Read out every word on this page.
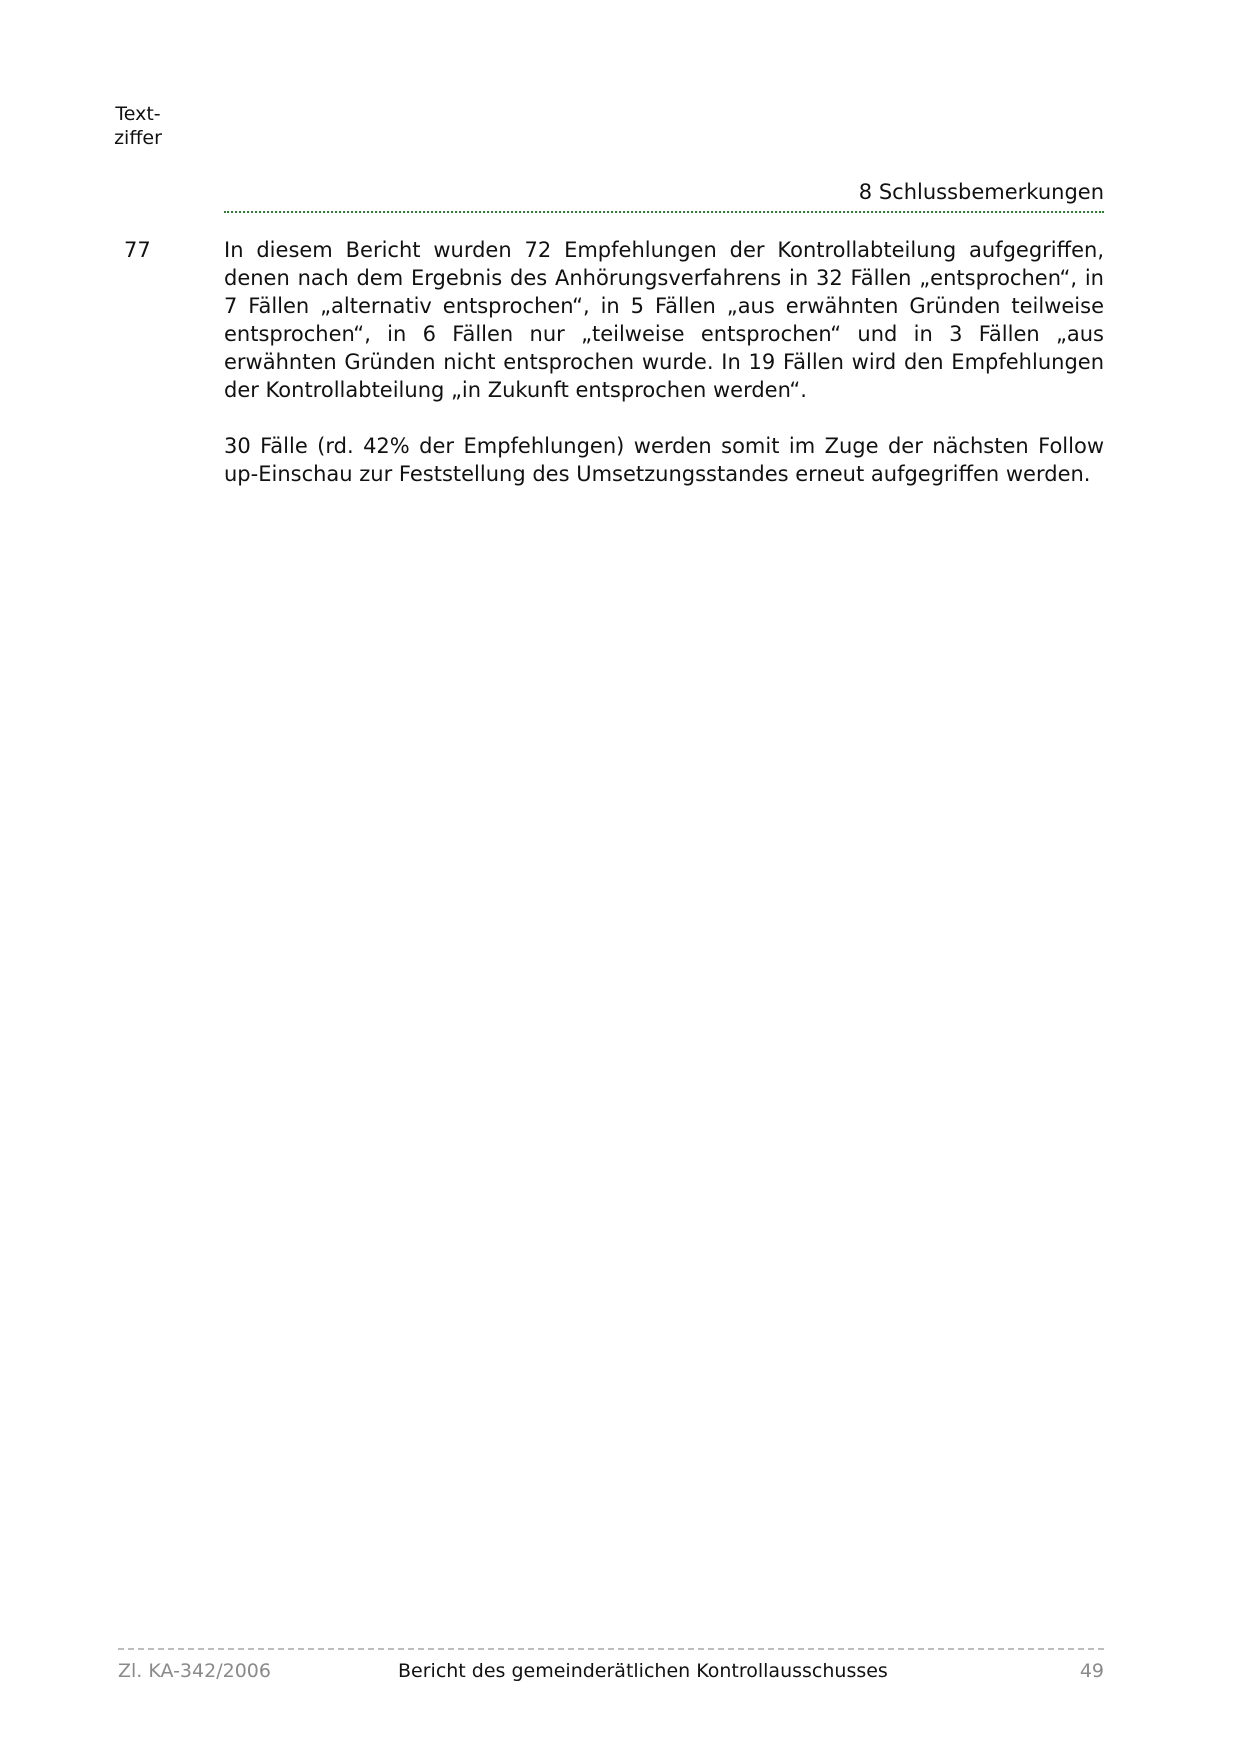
Text-
ziffer
8 Schlussbemerkungen
77	In diesem Bericht wurden 72 Empfehlungen der Kontrollabteilung aufgegriffen, denen nach dem Ergebnis des Anhörungsverfahrens in 32 Fällen „entsprochen“, in 7 Fällen „alternativ entsprochen“, in 5 Fällen „aus erwähnten Gründen teilweise entsprochen“, in 6 Fällen nur „teilweise entsprochen“ und in 3 Fällen „aus erwähnten Gründen nicht entsprochen wurde. In 19 Fällen wird den Empfehlungen der Kontrollabteilung „in Zukunft entsprochen werden“.

30 Fälle (rd. 42% der Empfehlungen) werden somit im Zuge der nächsten Follow up-Einschau zur Feststellung des Umsetzungsstandes erneut aufgegriffen werden.

Zl. KA-342/2006	Bericht des gemeinderätlichen Kontrollausschusses	49
